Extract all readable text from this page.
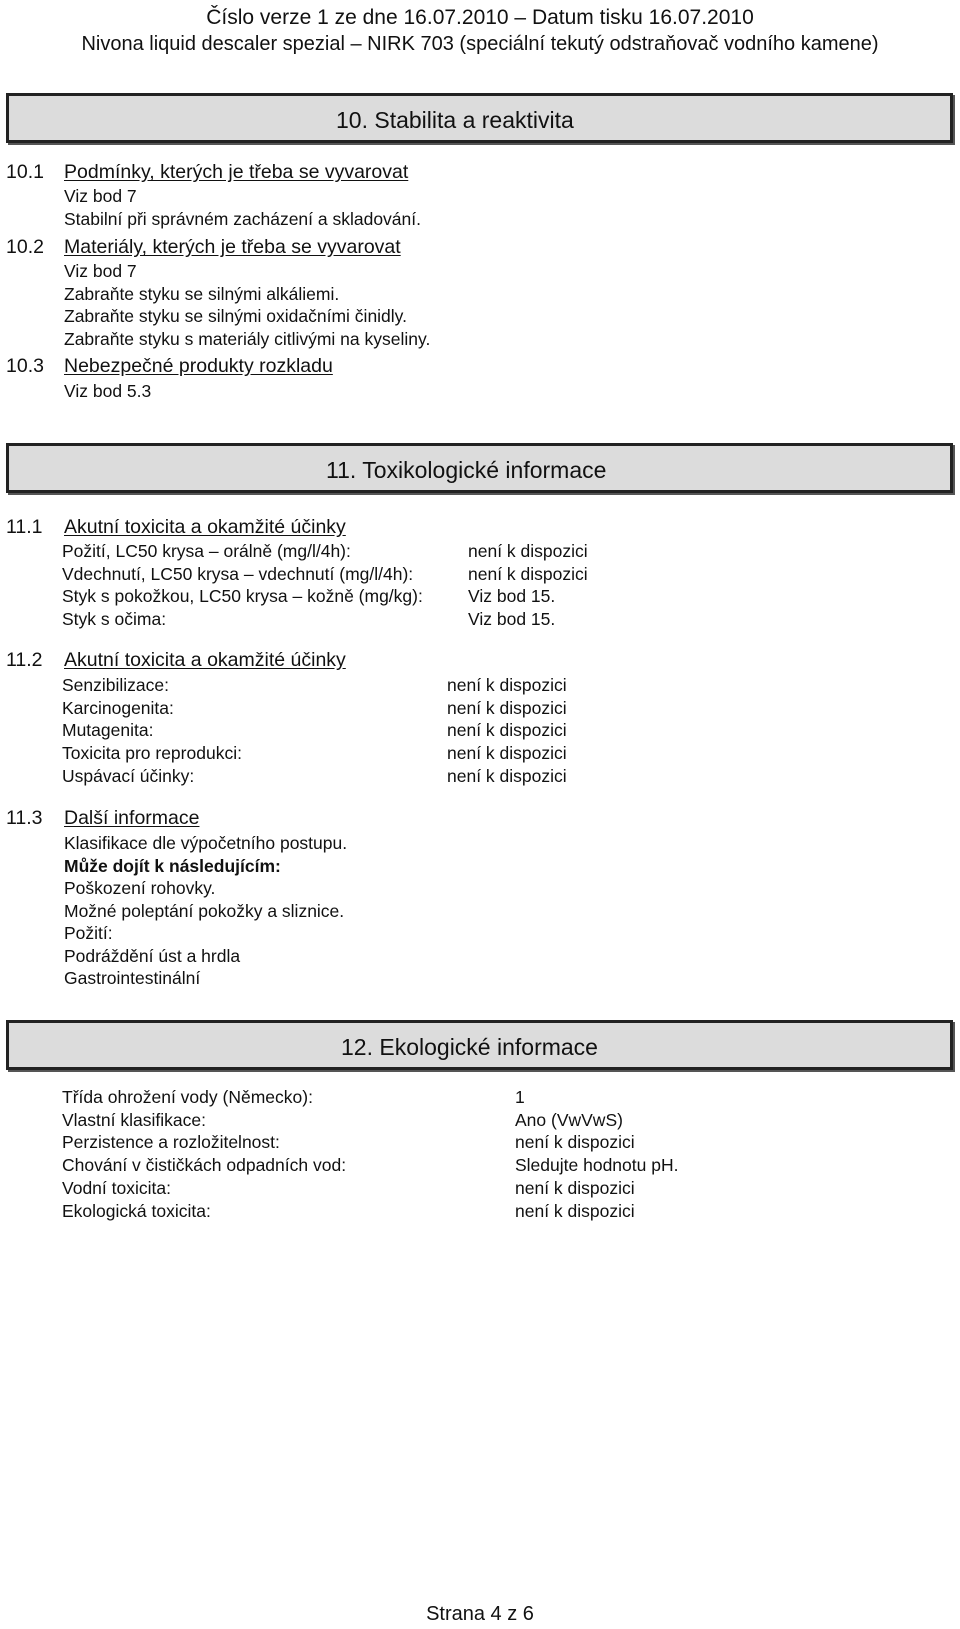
Číslo verze 1 ze dne 16.07.2010 – Datum tisku 16.07.2010
Nivona liquid descaler spezial – NIRK 703 (speciální tekutý odstraňovač vodního kamene)
10. Stabilita a reaktivita
10.1 Podmínky, kterých je třeba se vyvarovat
Viz bod 7
Stabilní při správném zacházení a skladování.
10.2 Materiály, kterých je třeba se vyvarovat
Viz bod 7
Zabraňte styku se silnými alkáliemi.
Zabraňte styku se silnými oxidačními činidly.
Zabraňte styku s materiály citlivými na kyseliny.
10.3 Nebezpečné produkty rozkladu
Viz bod 5.3
11. Toxikologické informace
11.1 Akutní toxicita a okamžité účinky
Požití, LC50 krysa – orálně (mg/l/4h):	není k dispozici
Vdechnutí, LC50 krysa – vdechnutí (mg/l/4h):	není k dispozici
Styk s pokožkou, LC50 krysa – kožně (mg/kg):	Viz bod 15.
Styk s očima:	Viz bod 15.
11.2 Akutní toxicita a okamžité účinky
Senzibilizace:	není k dispozici
Karcinogenita:	není k dispozici
Mutagenita:	není k dispozici
Toxicita pro reprodukci:	není k dispozici
Uspávací účinky:	není k dispozici
11.3 Další informace
Klasifikace dle výpočetního postupu.
Může dojít k následujícím:
Poškození rohovky.
Možné poleptání pokožky a sliznice.
Požití:
Podráždění úst a hrdla
Gastrointestinální
12. Ekologické informace
Třída ohrožení vody (Německo):	1
Vlastní klasifikace:	Ano (VwVwS)
Perzistence a rozložitelnost:	není k dispozici
Chování v čističkách odpadních vod:	Sledujte hodnotu pH.
Vodní toxicita:	není k dispozici
Ekologická toxicita:	není k dispozici
Strana 4 z 6
